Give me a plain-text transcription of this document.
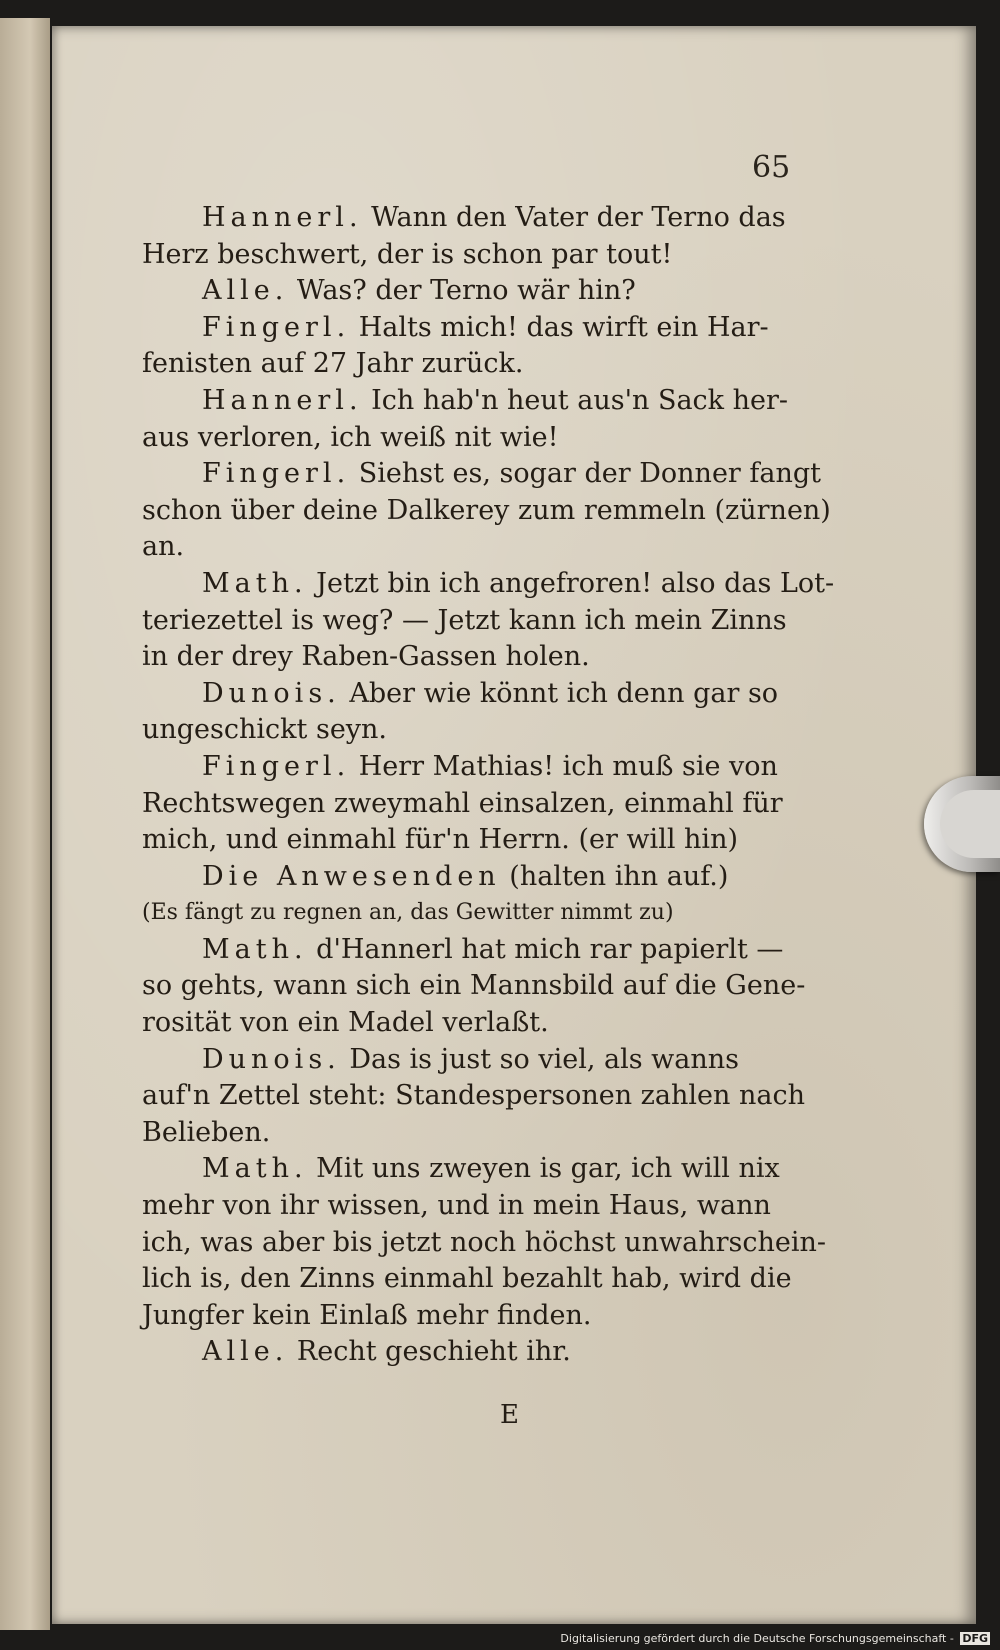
65
Hannerl. Wann den Vater der Terno das
Herz beschwert, der is schon par tout!
Alle. Was? der Terno wär hin?
Fingerl. Halts mich! das wirft ein Har-
fenisten auf 27 Jahr zurück.
Hannerl. Ich hab'n heut aus'n Sack her-
aus verloren, ich weiß nit wie!
Fingerl. Siehst es, sogar der Donner fangt
schon über deine Dalkerey zum remmeln (zürnen)
an.
Math. Jetzt bin ich angefroren! also das Lot-
teriezettel is weg? — Jetzt kann ich mein Zinns
in der drey Raben-Gassen holen.
Dunois. Aber wie könnt ich denn gar so
ungeschickt seyn.
Fingerl. Herr Mathias! ich muß sie von
Rechtswegen zweymahl einsalzen, einmahl für
mich, und einmahl für'n Herrn. (er will hin)
Die Anwesenden (halten ihn auf.)
(Es fängt zu regnen an, das Gewitter nimmt zu)
Math. d'Hannerl hat mich rar papierlt —
so gehts, wann sich ein Mannsbild auf die Gene-
rosität von ein Madel verlaßt.
Dunois. Das is just so viel, als wanns
auf'n Zettel steht: Standespersonen zahlen nach
Belieben.
Math. Mit uns zweyen is gar, ich will nix
mehr von ihr wissen, und in mein Haus, wann
ich, was aber bis jetzt noch höchst unwahrschein-
lich is, den Zinns einmahl bezahlt hab, wird die
Jungfer kein Einlaß mehr finden.
Alle. Recht geschieht ihr.
E
Digitalisierung gefördert durch die Deutsche Forschungsgemeinschaft - DFG
